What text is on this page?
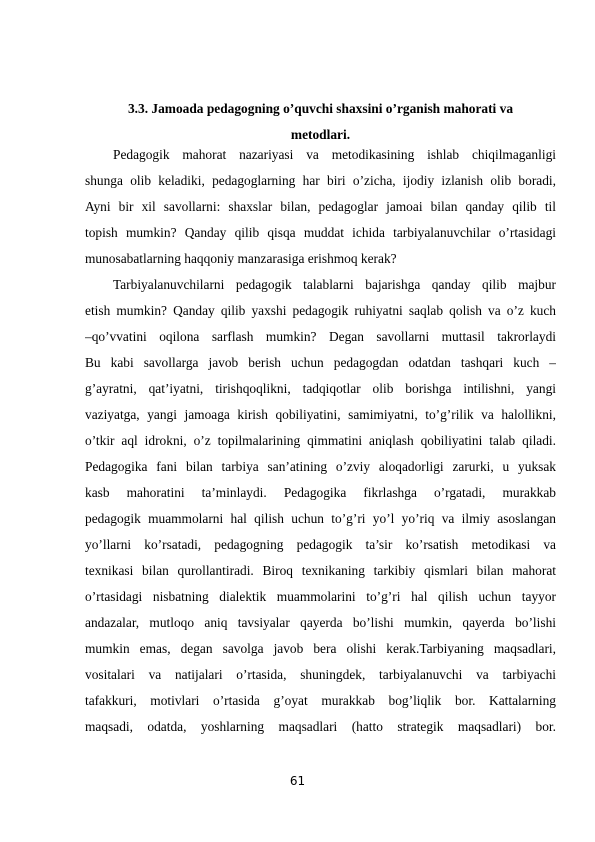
3.3. Jamoada pedagogning o’quvchi shaxsini o’rganish mahorati va
metodlari.
Pedagogik mahorat nazariyasi va metodikasining ishlab chiqilmaganligi
shunga olib keladiki, pedagoglarning har biri o’zicha, ijodiy izlanish olib boradi,
Ayni bir xil savollarni: shaxslar bilan, pedagoglar jamoai bilan qanday qilib til
topish mumkin? Qanday qilib qisqa muddat ichida tarbiyalanuvchilar o’rtasidagi
munosabatlarning haqqoniy manzarasiga erishmoq kerak?
Tarbiyalanuvchilarni pedagogik talablarni bajarishga qanday qilib majbur
etish mumkin? Qanday qilib yaxshi pedagogik ruhiyatni saqlab qolish va o’z kuch
–qo’vvatini oqilona sarflash mumkin? Degan savollarni muttasil takrorlaydi
Bu kabi savollarga javob berish uchun pedagogdan odatdan tashqari kuch –
g’ayratni, qat’iyatni, tirishqoqlikni, tadqiqotlar olib borishga intilishni, yangi
vaziyatga, yangi jamoaga kirish qobiliyatini, samimiyatni, to’g’rilik va halollikni,
o’tkir aql idrokni, o’z topilmalarining qimmatini aniqlash qobiliyatini talab qiladi.
Pedagogika fani bilan tarbiya san’atining o’zviy aloqadorligi zarurki, u yuksak
kasb mahoratini ta’minlaydi. Pedagogika fikrlashga o’rgatadi, murakkab
pedagogik muammolarni hal qilish uchun to’g’ri yo’l yo’riq va ilmiy asoslangan
yo’llarni ko’rsatadi, pedagogning pedagogik ta’sir ko’rsatish metodikasi va
texnikasi bilan qurollantiradi. Biroq texnikaning tarkibiy qismlari bilan mahorat
o’rtasidagi nisbatning dialektik muammolarini to’g’ri hal qilish uchun tayyor
andazalar, mutloqo aniq tavsiyalar qayerda bo’lishi mumkin, qayerda bo’lishi
mumkin emas, degan savolga javob bera olishi kerak.Tarbiyaning maqsadlari,
vositalari va natijalari o’rtasida, shuningdek, tarbiyalanuvchi va tarbiyachi
tafakkuri, motivlari o’rtasida g’oyat murakkab bog’liqlik bor. Kattalarning
maqsadi, odatda, yoshlarning maqsadlari (hatto strategik maqsadlari) bor.
61
